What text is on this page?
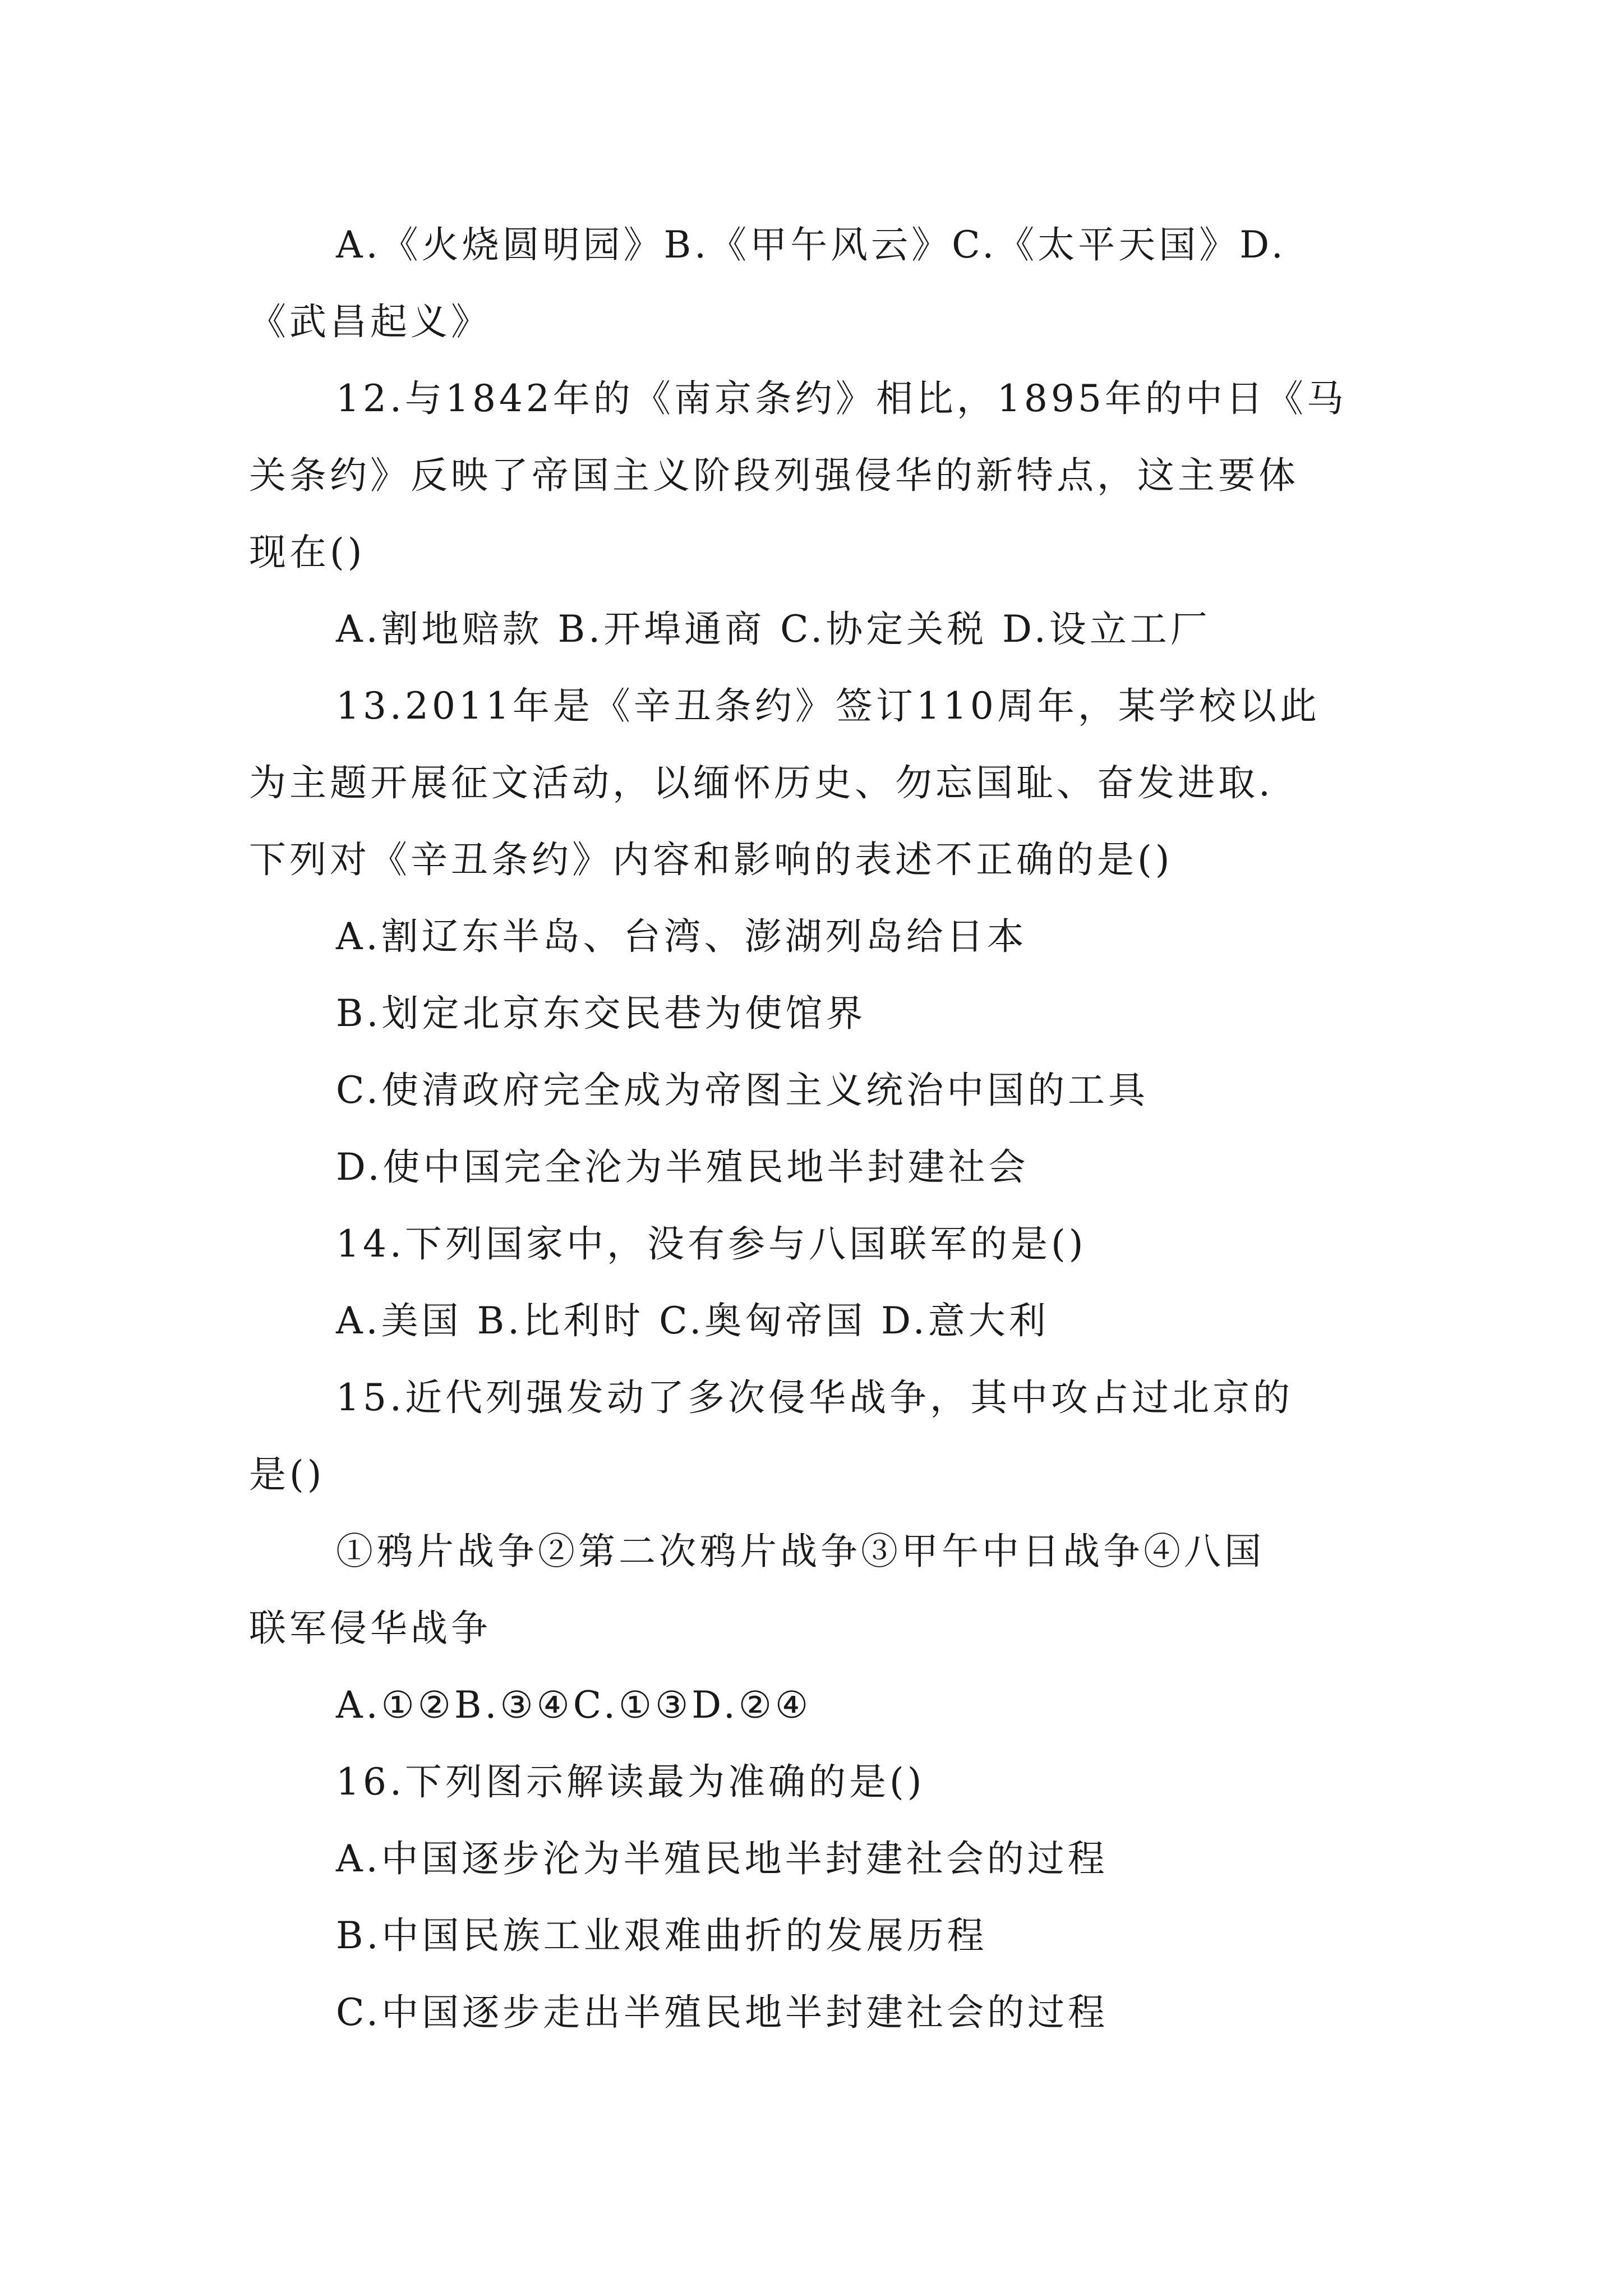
A.《火烧圆明园》B.《甲午风云》C.《太平天国》D.
《武昌起义》
12.与1842年的《南京条约》相比，1895年的中日《马
关条约》反映了帝国主义阶段列强侵华的新特点，这主要体
现在()
A.割地赔款 B.开埠通商 C.协定关税 D.设立工厂
13.2011年是《辛丑条约》签订110周年，某学校以此
为主题开展征文活动，以缅怀历史、勿忘国耻、奋发进取.
下列对《辛丑条约》内容和影响的表述不正确的是()
A.割辽东半岛、台湾、澎湖列岛给日本
B.划定北京东交民巷为使馆界
C.使清政府完全成为帝图主义统治中国的工具
D.使中国完全沦为半殖民地半封建社会
14.下列国家中，没有参与八国联军的是()
A.美国 B.比利时 C.奥匈帝国 D.意大利
15.近代列强发动了多次侵华战争，其中攻占过北京的
是()
①鸦片战争②第二次鸦片战争③甲午中日战争④八国
联军侵华战争
A.①②B.③④C.①③D.②④
16.下列图示解读最为准确的是()
A.中国逐步沦为半殖民地半封建社会的过程
B.中国民族工业艰难曲折的发展历程
C.中国逐步走出半殖民地半封建社会的过程
